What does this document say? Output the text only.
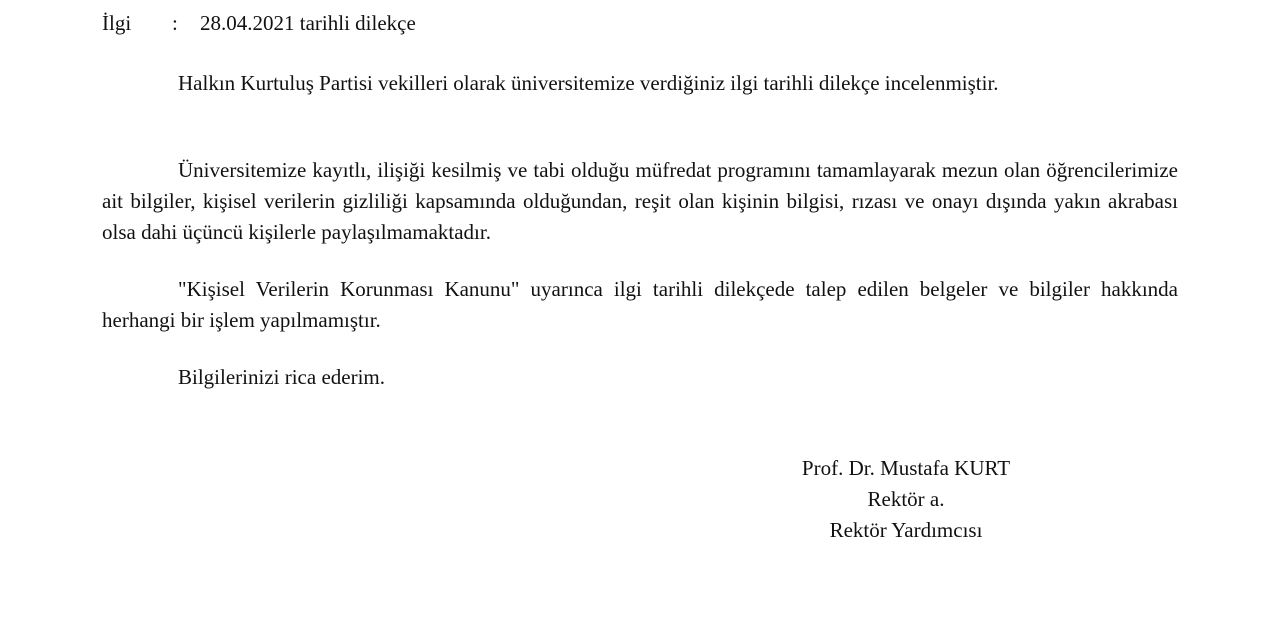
İlgi : 28.04.2021 tarihli dilekçe

Halkın Kurtuluş Partisi vekilleri olarak üniversitemize verdiğiniz ilgi tarihli dilekçe incelenmiştir.

Üniversitemize kayıtlı, ilişiği kesilmiş ve tabi olduğu müfredat programını tamamlayarak mezun olan öğrencilerimize ait bilgiler, kişisel verilerin gizliliği kapsamında olduğundan, reşit olan kişinin bilgisi, rızası ve onayı dışında yakın akrabası olsa dahi üçüncü kişilerle paylaşılmamaktadır.

"Kişisel Verilerin Korunması Kanunu" uyarınca ilgi tarihli dilekçede talep edilen belgeler ve bilgiler hakkında herhangi bir işlem yapılmamıştır.

Bilgilerinizi rica ederim.

Prof. Dr. Mustafa KURT
Rektör a.
Rektör Yardımcısı
